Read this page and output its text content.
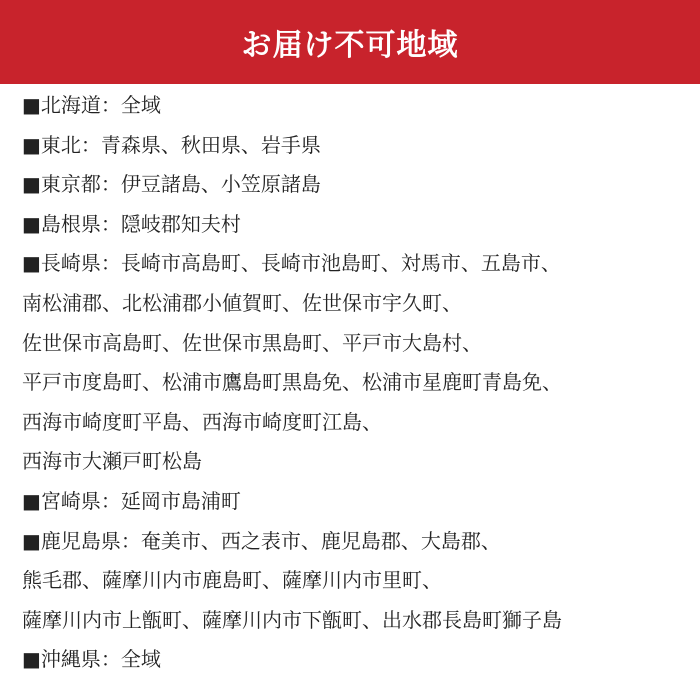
お届け不可地域
■北海道：全域
■東北：青森県、秋田県、岩手県
■東京都：伊豆諸島、小笠原諸島
■島根県：隠岐郡知夫村
■長崎県：長崎市高島町、長崎市池島町、対馬市、五島市、
南松浦郡、北松浦郡小値賀町、佐世保市宇久町、
佐世保市高島町、佐世保市黒島町、平戸市大島村、
平戸市度島町、松浦市鷹島町黒島免、松浦市星鹿町青島免、
西海市崎度町平島、西海市崎度町江島、
西海市大瀬戸町松島
■宮崎県：延岡市島浦町
■鹿児島県：奄美市、西之表市、鹿児島郡、大島郡、
熊毛郡、薩摩川内市鹿島町、薩摩川内市里町、
薩摩川内市上甑町、薩摩川内市下甑町、出水郡長島町獅子島
■沖縄県：全域
